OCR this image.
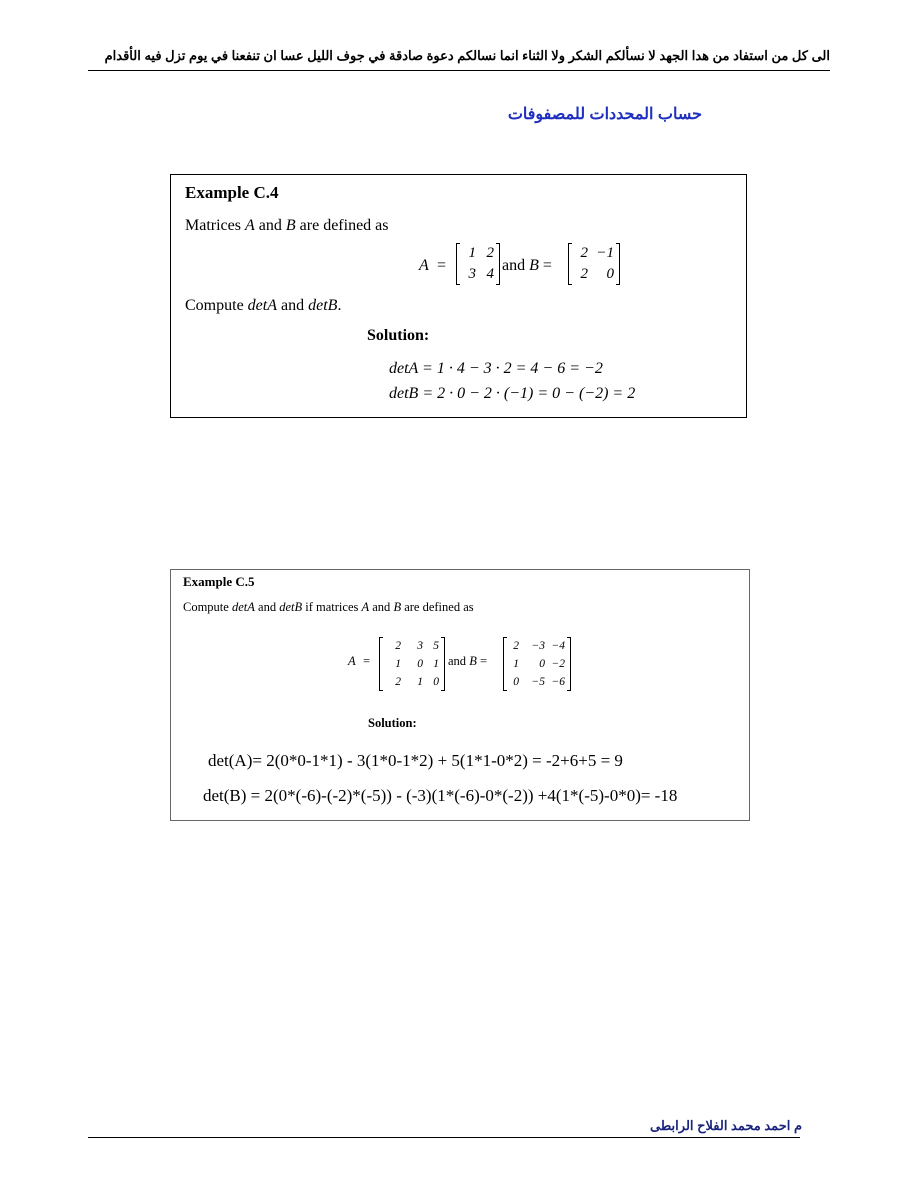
الى كل من استفاد من هدا الجهد لا نسألكم الشكر ولا الثناء انما نسالكم دعوة صادقة في جوف الليل عسا ان تنفعنا في يوم تزل فيه الأقدام
حساب المحددات للمصفوفات
Example C.4
Matrices A and B are defined as
A =
1 2
3 4 and B =
2 −1
2	0
Compute detA and detB.
Solution:
detA = 1 · 4 − 3 · 2 = 4 − 6 = −2
detB = 2 · 0 − 2 · (−1) = 0 − (−2) = 2
Example C.5
Compute detA and detB if matrices A and B are defined as
A =
2	3 5
1	0 1
2	1 0
and B =
2	−3 −4
1	0 −2
0	−5 −6
Solution:
det(A)= 2(0*0-1*1) - 3(1*0-1*2) + 5(1*1-0*2) = -2+6+5 = 9
det(B) = 2(0*(-6)-(-2)*(-5)) - (-3)(1*(-6)-0*(-2)) +4(1*(-5)-0*0)= -18
م احمد محمد الفلاح الرابطى
